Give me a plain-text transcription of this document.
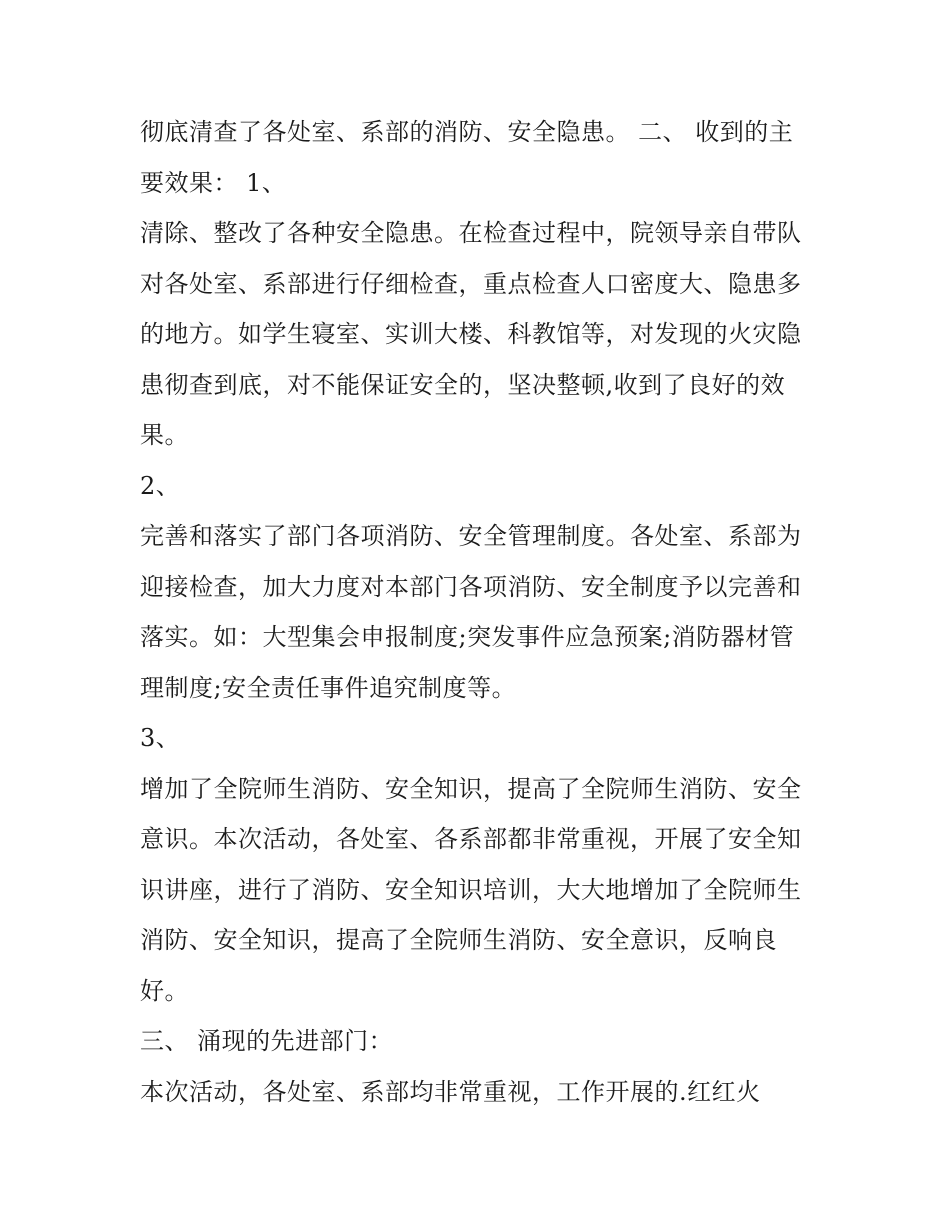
彻底清查了各处室、系部的消防、安全隐患。 二、 收到的主要效果： 1、

清除、整改了各种安全隐患。在检查过程中，院领导亲自带队对各处室、系部进行仔细检查，重点检查人口密度大、隐患多的地方。如学生寝室、实训大楼、科教馆等，对发现的火灾隐患彻查到底，对不能保证安全的，坚决整顿,收到了良好的效果。

2、

完善和落实了部门各项消防、安全管理制度。各处室、系部为迎接检查，加大力度对本部门各项消防、安全制度予以完善和落实。如：大型集会申报制度;突发事件应急预案;消防器材管理制度;安全责任事件追究制度等。

3、

增加了全院师生消防、安全知识，提高了全院师生消防、安全意识。本次活动，各处室、各系部都非常重视，开展了安全知识讲座，进行了消防、安全知识培训，大大地增加了全院师生消防、安全知识，提高了全院师生消防、安全意识，反响良好。

三、 涌现的先进部门：

本次活动，各处室、系部均非常重视，工作开展的.红红火
